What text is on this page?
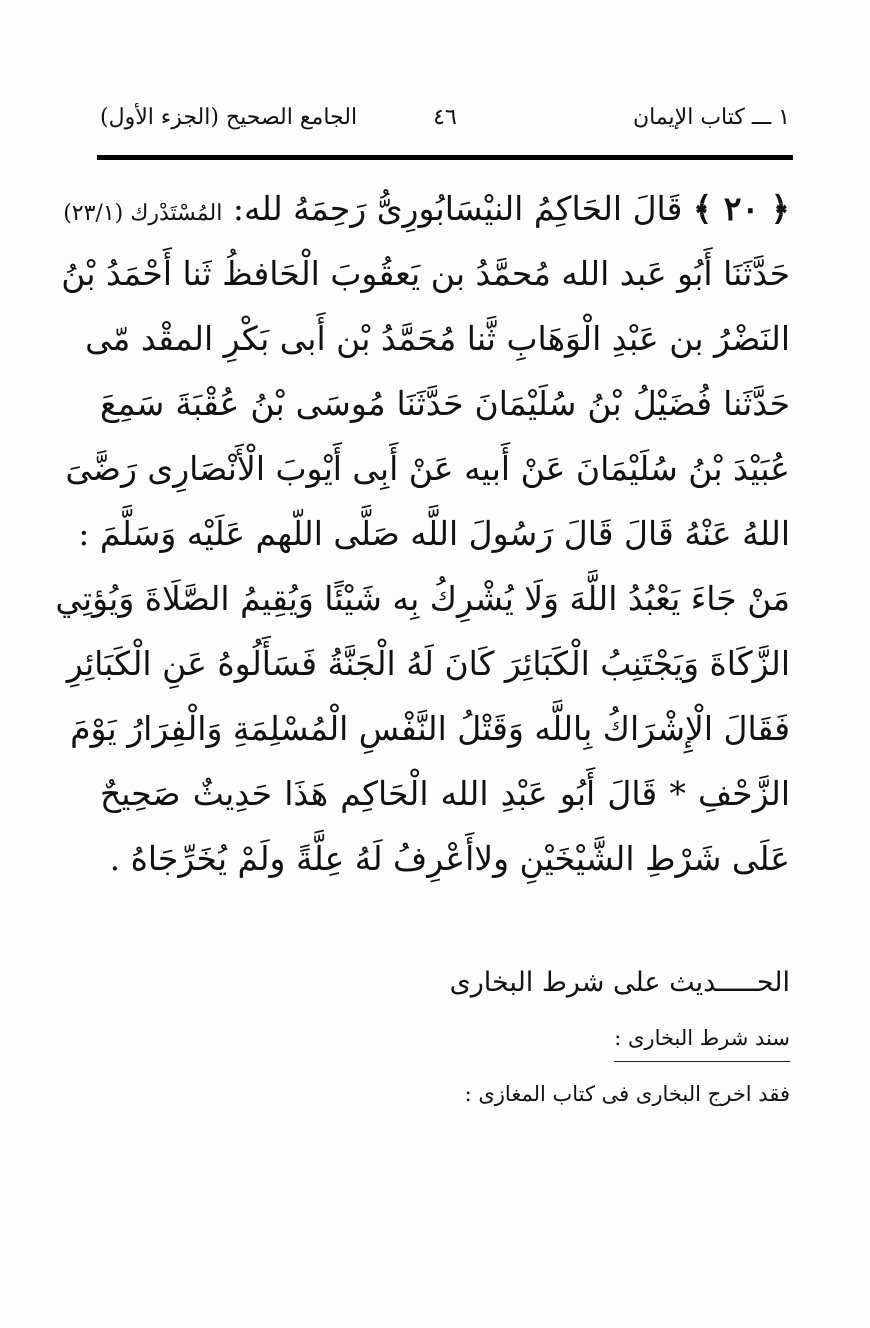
١ ـــ كتاب الإيمان
٤٦
الجامع الصحيح (الجزء الأول)
﴿ ٢٠ ﴾ قَالَ الحَاكِمُ النيْسَابُورِىُّ رَحِمَهُ لله: المُسْتَدْرك (٢٣/١)
حَدَّثَنَا أَبُو عَبد الله مُحمَّدُ بن يَعقُوبَ الْحَافظُ ثَنا أَحْمَدُ بْنُ
النَضْرُ بن عَبْدِ الْوَهَابِ ثَّنا مُحَمَّدُ بْن أَبى بَكْرِ المقْد مّى
حَدَّثَنا فُضَيْلُ بْنُ سُلَيْمَانَ حَدَّثَنَا مُوسَى بْنُ عُقْبَةَ سَمِعَ
عُبَيْدَ بْنُ سُلَيْمَانَ عَنْ أَبيه عَنْ أَبِى أَيْوبَ الْأَنْصَارِى رَضَّىَ
اللهُ عَنْهُ قَالَ قَالَ رَسُولَ اللَّه صَلَّى اللّهم عَلَيْه وَسَلَّمَ :
مَنْ جَاءَ يَعْبُدُ اللَّهَ وَلَا يُشْرِكُ بِه شَيْئًا وَيُقِيمُ الصَّلَاةَ وَيُؤتِي
الزَّكَاةَ وَيَجْتَنِبُ الْكَبَائِرَ كَانَ لَهُ الْجَنَّةُ فَسَأَلُوهُ عَنِ الْكَبَائِرِ
فَقَالَ الْإِشْرَاكُ بِاللَّه وَقَتْلُ النَّفْسِ الْمُسْلِمَةِ وَالْفِرَارُ يَوْمَ
الزَّحْفِ * قَالَ أَبُو عَبْدِ الله الْحَاكِم هَذَا حَدِيثٌ صَحِيحٌ
عَلَى شَرْطِ الشَّيْخَيْنِ ولاأَعْرِفُ لَهُ عِلَّةً ولَمْ يُخَرِّجَاهُ .
الحـــــديث على شرط البخارى
سند شرط البخارى :
فقد اخرج البخارى فى كتاب المغازى :
